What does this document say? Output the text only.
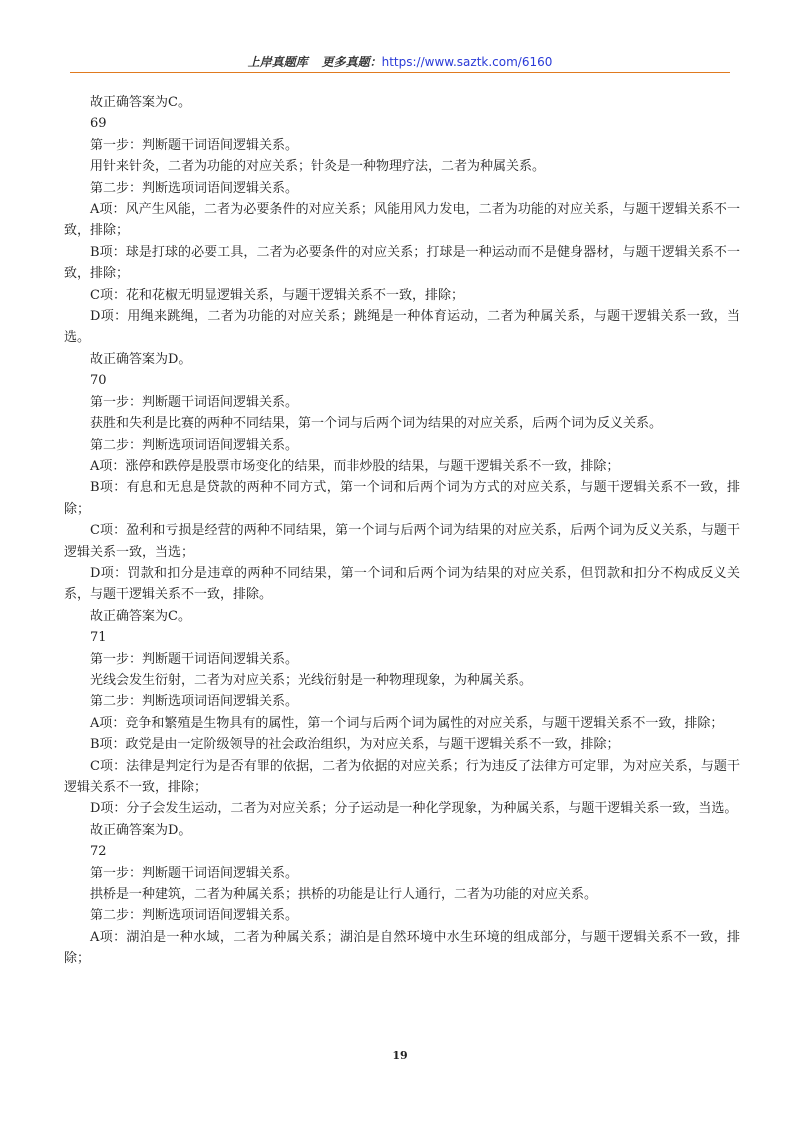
上岸真题库 更多真题：https://www.saztk.com/6160

故正确答案为C。

69

第一步：判断题干词语间逻辑关系。

用针来针灸，二者为功能的对应关系；针灸是一种物理疗法，二者为种属关系。

第二步：判断选项词语间逻辑关系。

A项：风产生风能，二者为必要条件的对应关系；风能用风力发电，二者为功能的对应关系，与题干逻辑关系不一致，排除；

B项：球是打球的必要工具，二者为必要条件的对应关系；打球是一种运动而不是健身器材，与题干逻辑关系不一致，排除；

C项：花和花椒无明显逻辑关系，与题干逻辑关系不一致，排除；

D项：用绳来跳绳，二者为功能的对应关系；跳绳是一种体育运动，二者为种属关系，与题干逻辑关系一致，当选。

故正确答案为D。

70

第一步：判断题干词语间逻辑关系。

获胜和失利是比赛的两种不同结果，第一个词与后两个词为结果的对应关系，后两个词为反义关系。

第二步：判断选项词语间逻辑关系。

A项：涨停和跌停是股票市场变化的结果，而非炒股的结果，与题干逻辑关系不一致，排除；

B项：有息和无息是贷款的两种不同方式，第一个词和后两个词为方式的对应关系，与题干逻辑关系不一致，排除；

C项：盈利和亏损是经营的两种不同结果，第一个词与后两个词为结果的对应关系，后两个词为反义关系，与题干逻辑关系一致，当选；

D项：罚款和扣分是违章的两种不同结果，第一个词和后两个词为结果的对应关系，但罚款和扣分不构成反义关系，与题干逻辑关系不一致，排除。

故正确答案为C。

71

第一步：判断题干词语间逻辑关系。

光线会发生衍射，二者为对应关系；光线衍射是一种物理现象，为种属关系。

第二步：判断选项词语间逻辑关系。

A项：竞争和繁殖是生物具有的属性，第一个词与后两个词为属性的对应关系，与题干逻辑关系不一致，排除；

B项：政党是由一定阶级领导的社会政治组织，为对应关系，与题干逻辑关系不一致，排除；

C项：法律是判定行为是否有罪的依据，二者为依据的对应关系；行为违反了法律方可定罪，为对应关系，与题干逻辑关系不一致，排除；

D项：分子会发生运动，二者为对应关系；分子运动是一种化学现象，为种属关系，与题干逻辑关系一致，当选。

故正确答案为D。

72

第一步：判断题干词语间逻辑关系。

拱桥是一种建筑，二者为种属关系；拱桥的功能是让行人通行，二者为功能的对应关系。

第二步：判断选项词语间逻辑关系。

A项：湖泊是一种水域，二者为种属关系；湖泊是自然环境中水生环境的组成部分，与题干逻辑关系不一致，排除；

19
